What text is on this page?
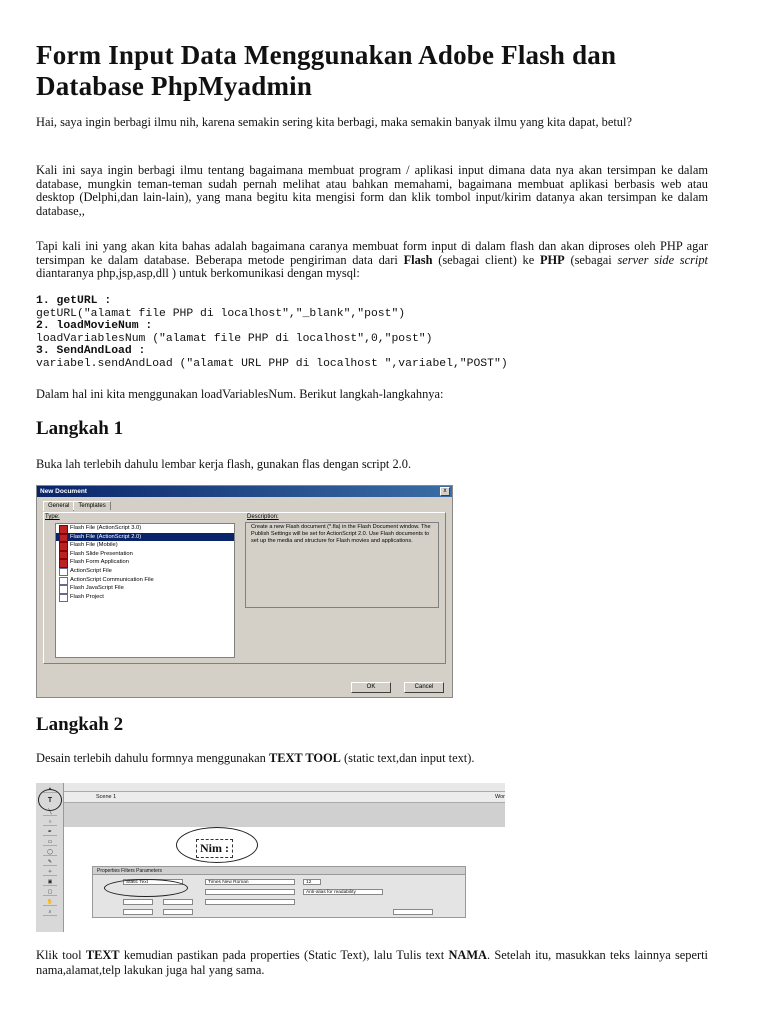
Form Input Data Menggunakan Adobe Flash dan Database PhpMyadmin

Hai, saya ingin berbagi ilmu nih, karena semakin sering kita berbagi, maka semakin banyak ilmu yang kita dapat, betul?

Kali ini saya ingin berbagi ilmu tentang bagaimana membuat program / aplikasi input dimana data nya akan tersimpan ke dalam database, mungkin teman-teman sudah pernah melihat atau bahkan memahami, bagaimana membuat aplikasi berbasis web atau desktop (Delphi,dan lain-lain), yang mana begitu kita mengisi form dan klik tombol input/kirim datanya akan tersimpan ke dalam database,,

Tapi kali ini yang akan kita bahas adalah bagaimana caranya membuat form input di dalam flash dan akan diproses oleh PHP agar tersimpan ke dalam database. Beberapa metode pengiriman data dari Flash (sebagai client) ke PHP (sebagai server side script diantaranya php,jsp,asp,dll ) untuk berkomunikasi dengan mysql:

1. getURL :
getURL("alamat file PHP di localhost","_blank","post")
2. loadMovieNum :
loadVariablesNum ("alamat file PHP di localhost",0,"post")
3. SendAndLoad :
variabel.sendAndLoad ("alamat URL PHP di localhost ",variabel,"POST")

Dalam hal ini kita menggunakan loadVariablesNum. Berikut langkah-langkahnya:

Langkah 1

Buka lah terlebih dahulu lembar kerja flash, gunakan flas dengan script 2.0.

Langkah 2

Desain terlebih dahulu formnya menggunakan TEXT TOOL (static text,dan input text).

Klik tool TEXT kemudian pastikan pada properties (Static Text), lalu Tulis text NAMA. Setelah itu, masukkan teks lainnya seperti nama,alamat,telp lakukan juga hal yang sama.

New Document	x
General Templates
Type:	Description:
Flash File (ActionScript 3.0)
Flash File (ActionScript 2.0)
Flash File (Mobile)
Flash Slide Presentation
Flash Form Application
ActionScript File
ActionScript Communication File
Flash JavaScript File
Flash Project
Create a new Flash document (*.fla) in the Flash Document window. The Publish Settings will be set for ActionScript 2.0. Use Flash documents to set up the media and structure for Flash movies and applications.
OK	Cancel
T
▲
╲
○
✒
▭
◯
✎
✧
▣
▢
✋
⌕
Scene 1	Wor
Nim :
Properties Filters Parameters
Static Text	Times New Roman	12
Anti-alias for readability
